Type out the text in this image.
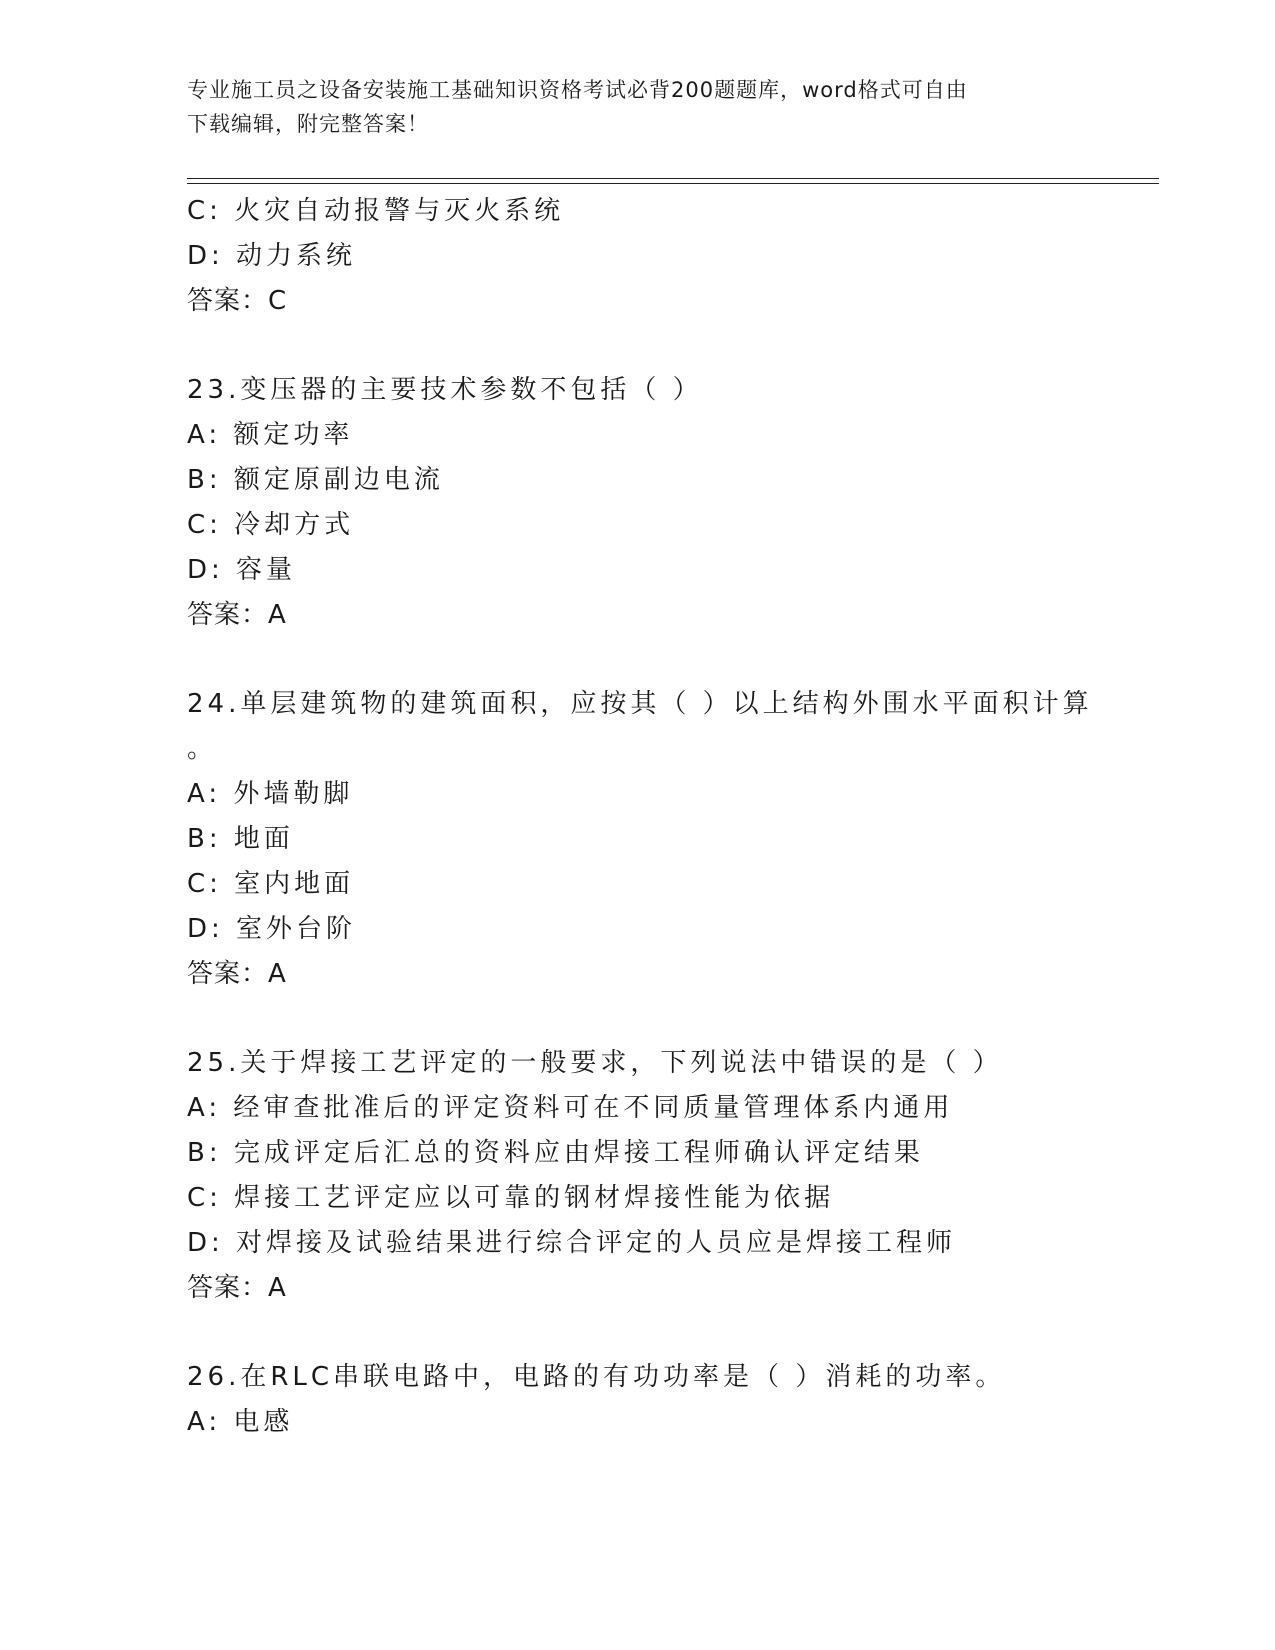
专业施工员之设备安装施工基础知识资格考试必背200题题库，word格式可自由
下载编辑，附完整答案！
C: 火灾自动报警与灭火系统
D: 动力系统
答案：C
23.变压器的主要技术参数不包括（ ）
A: 额定功率
B: 额定原副边电流
C: 冷却方式
D: 容量
答案：A
24.单层建筑物的建筑面积，应按其（ ）以上结构外围水平面积计算
。
A: 外墙勒脚
B: 地面
C: 室内地面
D: 室外台阶
答案：A
25.关于焊接工艺评定的一般要求，下列说法中错误的是（ ）
A: 经审查批准后的评定资料可在不同质量管理体系内通用
B: 完成评定后汇总的资料应由焊接工程师确认评定结果
C: 焊接工艺评定应以可靠的钢材焊接性能为依据
D: 对焊接及试验结果进行综合评定的人员应是焊接工程师
答案：A
26.在RLC串联电路中，电路的有功功率是（ ）消耗的功率。
A: 电感
